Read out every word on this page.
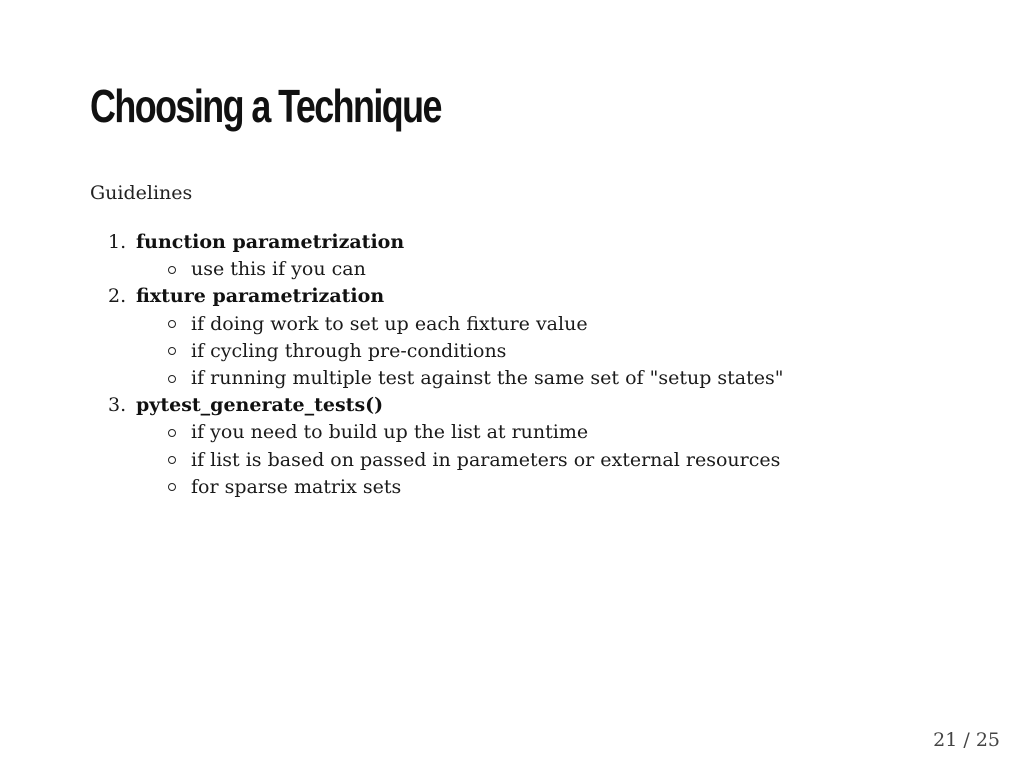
Choosing a Technique

Guidelines

1. function parametrization
use this if you can
2. fixture parametrization
if doing work to set up each fixture value
if cycling through pre-conditions
if running multiple test against the same set of "setup states"
3. pytest_generate_tests()
if you need to build up the list at runtime
if list is based on passed in parameters or external resources
for sparse matrix sets
21 / 25
